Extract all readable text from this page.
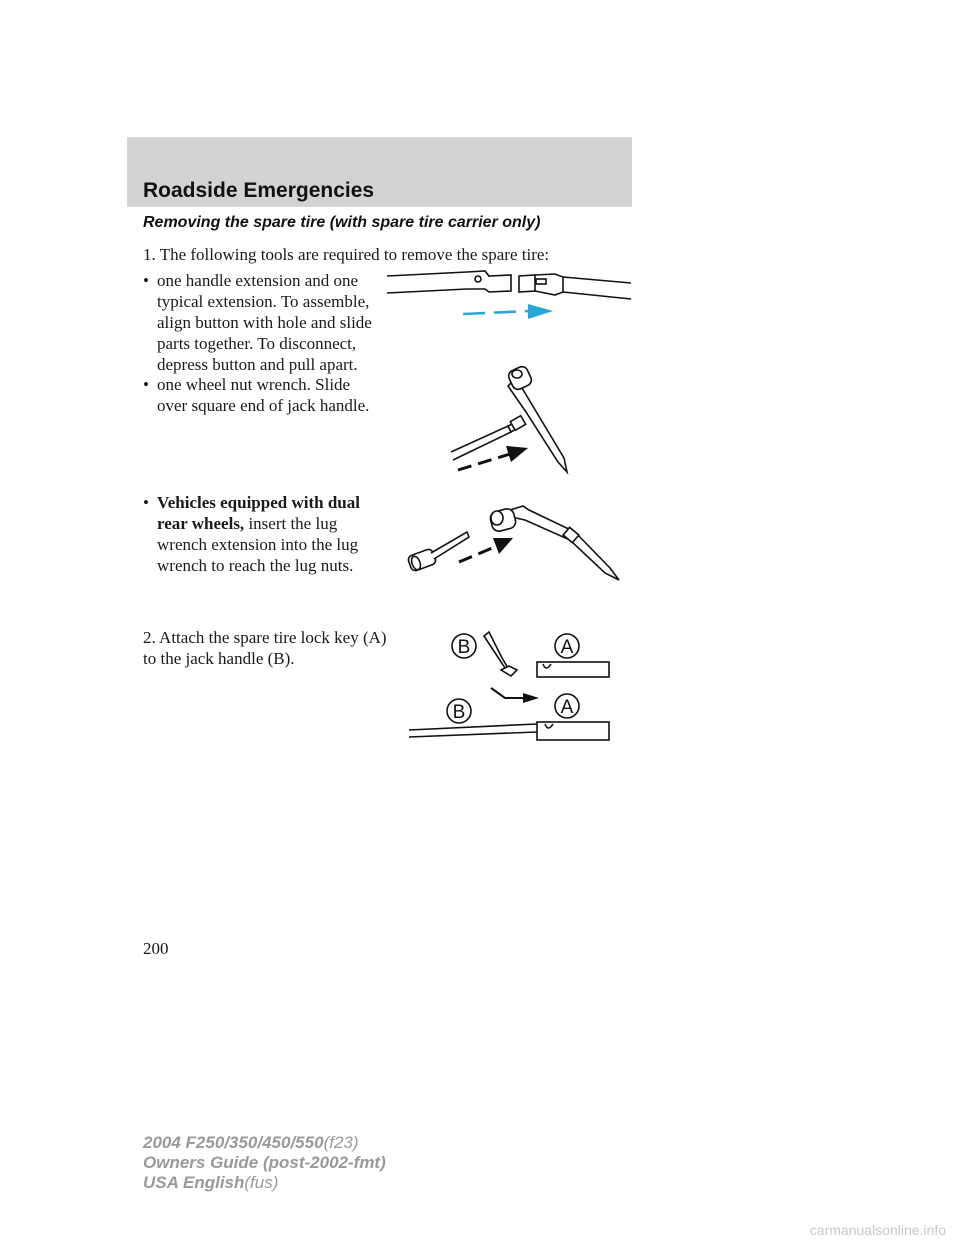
Roadside Emergencies
Removing the spare tire (with spare tire carrier only)
1. The following tools are required to remove the spare tire:
• one handle extension and one typical extension. To assemble, align button with hole and slide parts together. To disconnect, depress button and pull apart.
• one wheel nut wrench. Slide over square end of jack handle.
• Vehicles equipped with dual rear wheels, insert the lug wrench extension into the lug wrench to reach the lug nuts.
2. Attach the spare tire lock key (A) to the jack handle (B).
B	A
B	A
200
2004 F250/350/450/550(f23)
Owners Guide (post-2002-fmt)
USA English(fus)
carmanualsonline.info
